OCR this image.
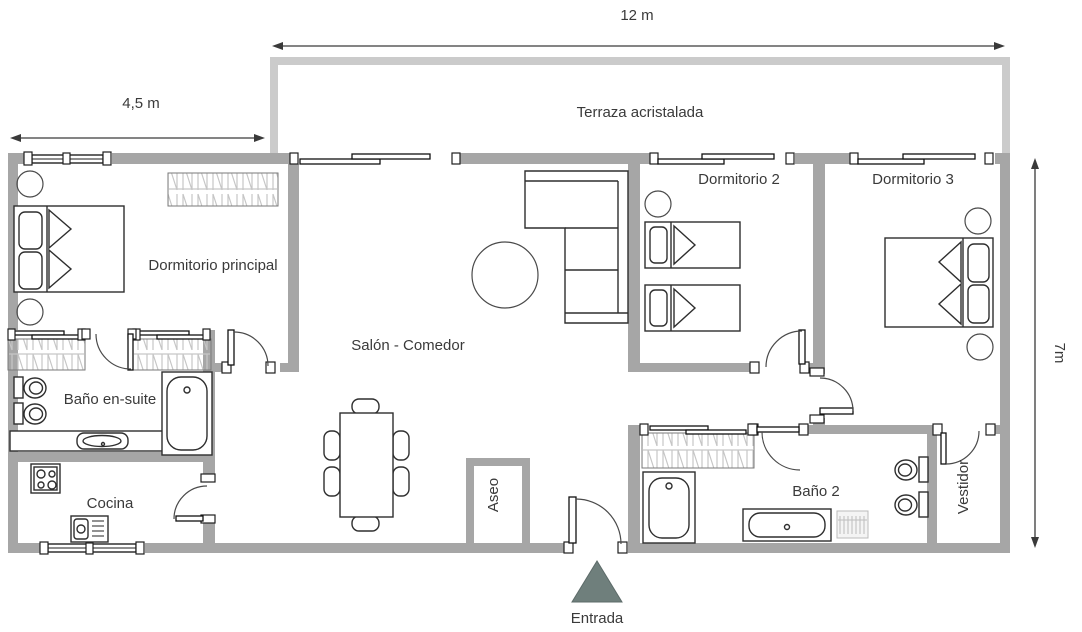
Terraza acristalada
Dormitorio principal
Baño en-suite
Cocina
Salón - Comedor
Aseo
Entrada
Dormitorio 2	Dormitorio 3
Baño 2	Vestidor
12 m
4,5 m
7m
